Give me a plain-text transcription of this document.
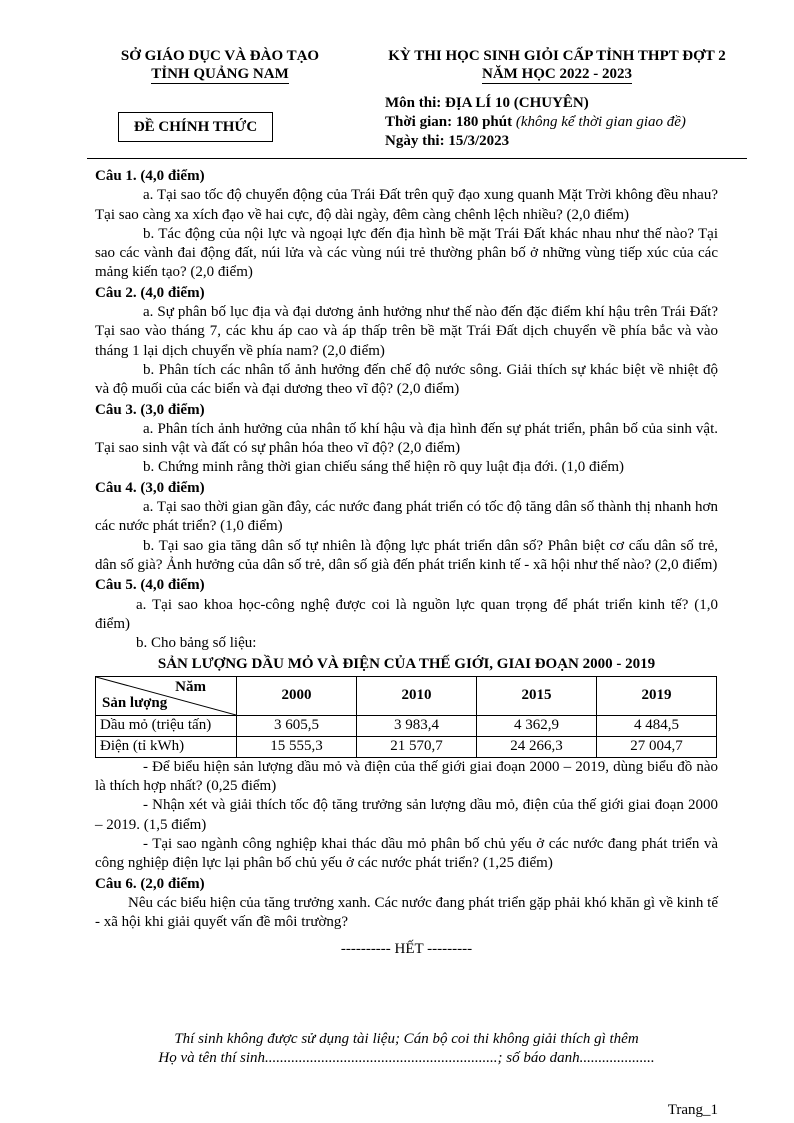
SỞ GIÁO DỤC VÀ ĐÀO TẠO
TỈNH QUẢNG NAM
KỲ THI HỌC SINH GIỎI CẤP TỈNH THPT ĐỢT 2
NĂM HỌC 2022 - 2023
ĐỀ CHÍNH THỨC
Môn thi: ĐỊA LÍ 10 (CHUYÊN)
Thời gian: 180 phút (không kể thời gian giao đề)
Ngày thi: 15/3/2023
Câu 1. (4,0 điểm)

a. Tại sao tốc độ chuyển động của Trái Đất trên quỹ đạo xung quanh Mặt Trời không đều nhau? Tại sao càng xa xích đạo về hai cực, độ dài ngày, đêm càng chênh lệch nhiều? (2,0 điểm)

b. Tác động của nội lực và ngoại lực đến địa hình bề mặt Trái Đất khác nhau như thế nào? Tại sao các vành đai động đất, núi lửa và các vùng núi trẻ thường phân bố ở những vùng tiếp xúc của các mảng kiến tạo? (2,0 điểm)

Câu 2. (4,0 điểm)

a. Sự phân bố lục địa và đại dương ảnh hưởng như thế nào đến đặc điểm khí hậu trên Trái Đất? Tại sao vào tháng 7, các khu áp cao và áp thấp trên bề mặt Trái Đất dịch chuyển về phía bắc và vào tháng 1 lại dịch chuyển về phía nam? (2,0 điểm)

b. Phân tích các nhân tố ảnh hưởng đến chế độ nước sông. Giải thích sự khác biệt về nhiệt độ và độ muối của các biển và đại dương theo vĩ độ? (2,0 điểm)

Câu 3. (3,0 điểm)

a. Phân tích ảnh hưởng của nhân tố khí hậu và địa hình đến sự phát triển, phân bố của sinh vật. Tại sao sinh vật và đất có sự phân hóa theo vĩ độ? (2,0 điểm)

b. Chứng minh rằng thời gian chiếu sáng thể hiện rõ quy luật địa đới. (1,0 điểm)

Câu 4. (3,0 điểm)

a. Tại sao thời gian gần đây, các nước đang phát triển có tốc độ tăng dân số thành thị nhanh hơn các nước phát triển? (1,0 điểm)

b. Tại sao gia tăng dân số tự nhiên là động lực phát triển dân số? Phân biệt cơ cấu dân số trẻ, dân số già? Ảnh hưởng của dân số trẻ, dân số già đến phát triển kinh tế - xã hội như thế nào? (2,0 điểm)

Câu 5. (4,0 điểm)

a. Tại sao khoa học-công nghệ được coi là nguồn lực quan trọng để phát triển kinh tế? (1,0 điểm)

b. Cho bảng số liệu:

SẢN LƯỢNG DẦU MỎ VÀ ĐIỆN CỦA THẾ GIỚI, GIAI ĐOẠN 2000 - 2019
Năm
Sản lượng	2000	2010	2015	2019
Dầu mỏ (triệu tấn)	3 605,5	3 983,4	4 362,9	4 484,5
Điện (tỉ kWh)	15 555,3	21 570,7	24 266,3	27 004,7

- Để biểu hiện sản lượng dầu mỏ và điện của thế giới giai đoạn 2000 – 2019, dùng biểu đồ nào là thích hợp nhất? (0,25 điểm)

- Nhận xét và giải thích tốc độ tăng trưởng sản lượng dầu mỏ, điện của thế giới giai đoạn 2000 – 2019. (1,5 điểm)

- Tại sao ngành công nghiệp khai thác dầu mỏ phân bố chủ yếu ở các nước đang phát triển và công nghiệp điện lực lại phân bố chủ yếu ở các nước phát triển? (1,25 điểm)

Câu 6. (2,0 điểm)

Nêu các biểu hiện của tăng trưởng xanh. Các nước đang phát triển gặp phải khó khăn gì về kinh tế - xã hội khi giải quyết vấn đề môi trường?

---------- HẾT ---------
Thí sinh không được sử dụng tài liệu; Cán bộ coi thi không giải thích gì thêm
Họ và tên thí sinh..............................................................; số báo danh....................
Trang_1
